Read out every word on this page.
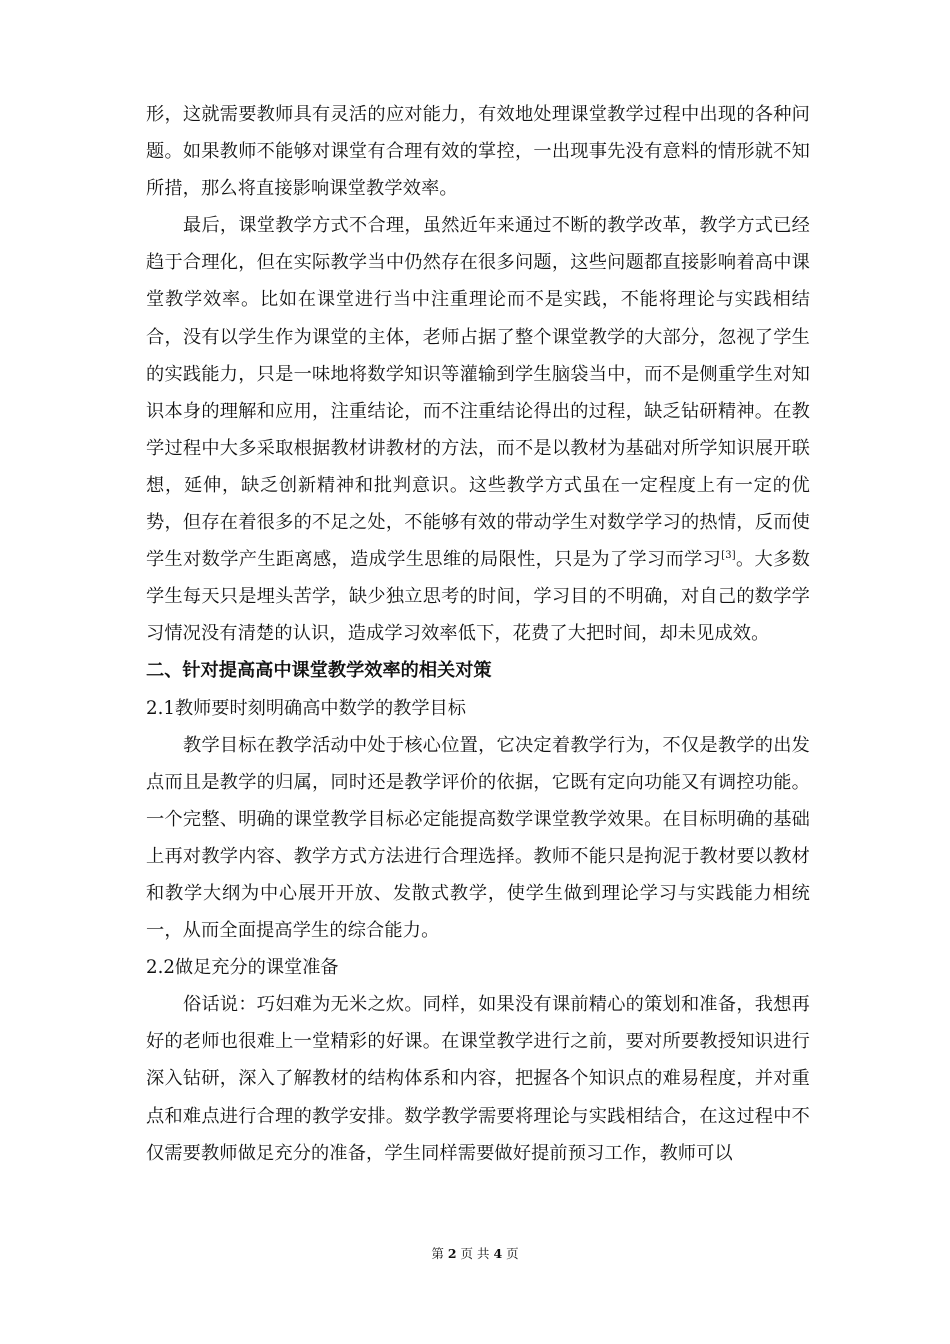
形，这就需要教师具有灵活的应对能力，有效地处理课堂教学过程中出现的各种问题。如果教师不能够对课堂有合理有效的掌控，一出现事先没有意料的情形就不知所措，那么将直接影响课堂教学效率。

最后，课堂教学方式不合理，虽然近年来通过不断的教学改革，教学方式已经趋于合理化，但在实际教学当中仍然存在很多问题，这些问题都直接影响着高中课堂教学效率。比如在课堂进行当中注重理论而不是实践，不能将理论与实践相结合，没有以学生作为课堂的主体，老师占据了整个课堂教学的大部分，忽视了学生的实践能力，只是一味地将数学知识等灌输到学生脑袋当中，而不是侧重学生对知识本身的理解和应用，注重结论，而不注重结论得出的过程，缺乏钻研精神。在教学过程中大多采取根据教材讲教材的方法，而不是以教材为基础对所学知识展开联想，延伸，缺乏创新精神和批判意识。这些教学方式虽在一定程度上有一定的优势，但存在着很多的不足之处，不能够有效的带动学生对数学学习的热情，反而使学生对数学产生距离感，造成学生思维的局限性，只是为了学习而学习[3]。大多数学生每天只是埋头苦学，缺少独立思考的时间，学习目的不明确，对自己的数学学习情况没有清楚的认识，造成学习效率低下，花费了大把时间，却未见成效。

二、针对提高高中课堂教学效率的相关对策

2.1教师要时刻明确高中数学的教学目标

教学目标在教学活动中处于核心位置，它决定着教学行为，不仅是教学的出发点而且是教学的归属，同时还是教学评价的依据，它既有定向功能又有调控功能。一个完整、明确的课堂教学目标必定能提高数学课堂教学效果。在目标明确的基础上再对教学内容、教学方式方法进行合理选择。教师不能只是拘泥于教材要以教材和教学大纲为中心展开开放、发散式教学，使学生做到理论学习与实践能力相统一，从而全面提高学生的综合能力。

2.2做足充分的课堂准备

俗话说：巧妇难为无米之炊。同样，如果没有课前精心的策划和准备，我想再好的老师也很难上一堂精彩的好课。在课堂教学进行之前，要对所要教授知识进行深入钻研，深入了解教材的结构体系和内容，把握各个知识点的难易程度，并对重点和难点进行合理的教学安排。数学教学需要将理论与实践相结合，在这过程中不仅需要教师做足充分的准备，学生同样需要做好提前预习工作，教师可以

第 2 页 共 4 页
